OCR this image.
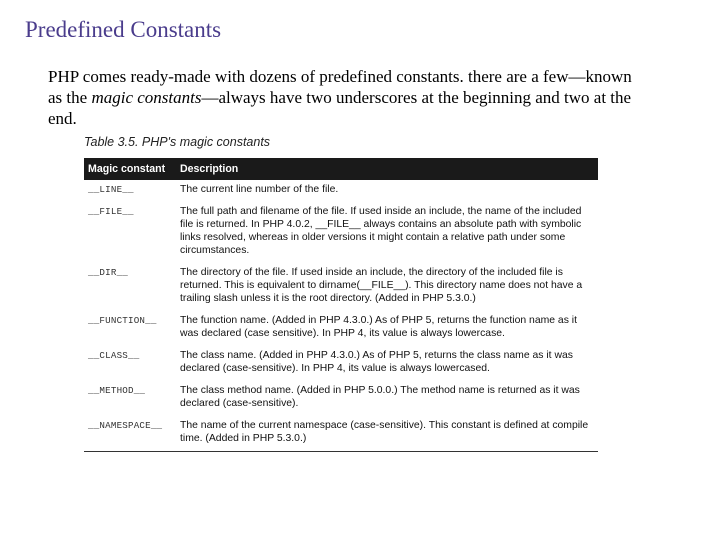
Predefined Constants
PHP comes ready-made with dozens of predefined constants. there are a few—known as the magic constants—always have two underscores at the beginning and two at the end.
Table 3.5. PHP's magic constants
Magic constant	Description
__LINE__	The current line number of the file.
__FILE__	The full path and filename of the file. If used inside an include, the name of the included file is returned. In PHP 4.0.2, __FILE__ always contains an absolute path with symbolic links resolved, whereas in older versions it might contain a relative path under some circumstances.
__DIR__	The directory of the file. If used inside an include, the directory of the included file is returned. This is equivalent to dirname(__FILE__). This directory name does not have a trailing slash unless it is the root directory. (Added in PHP 5.3.0.)
__FUNCTION__	The function name. (Added in PHP 4.3.0.) As of PHP 5, returns the function name as it was declared (case sensitive). In PHP 4, its value is always lowercase.
__CLASS__	The class name. (Added in PHP 4.3.0.) As of PHP 5, returns the class name as it was declared (case-sensitive). In PHP 4, its value is always lowercased.
__METHOD__	The class method name. (Added in PHP 5.0.0.) The method name is returned as it was declared (case-sensitive).
__NAMESPACE__	The name of the current namespace (case-sensitive). This constant is defined at compile time. (Added in PHP 5.3.0.)
